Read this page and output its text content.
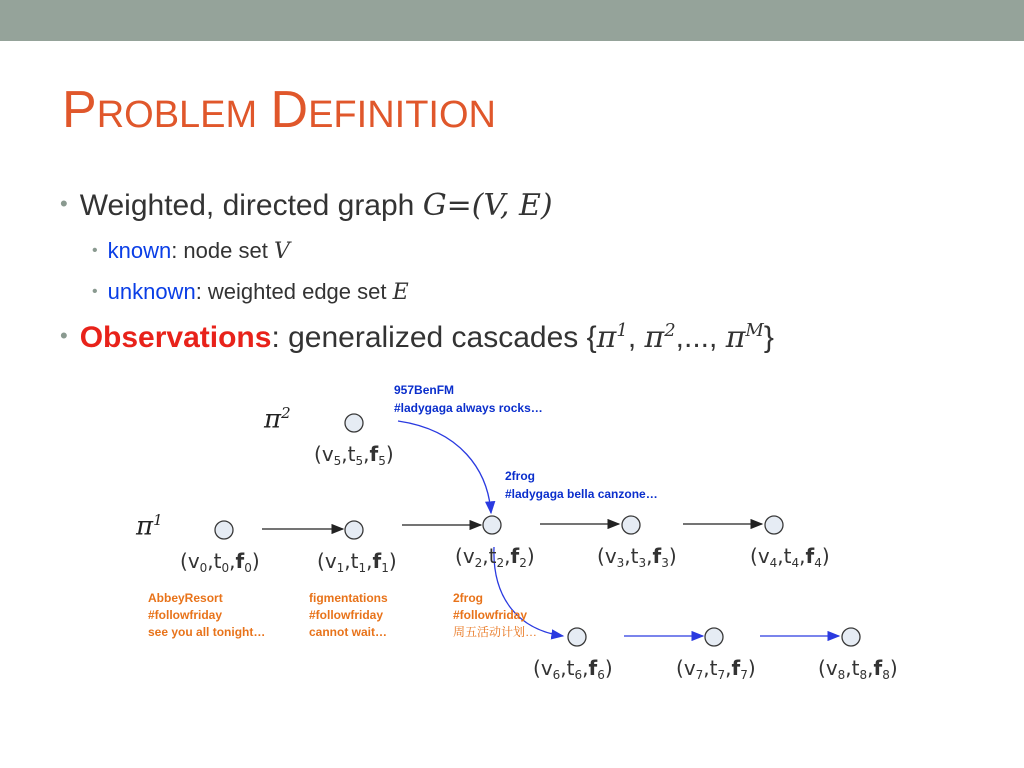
PROBLEM DEFINITION
• Weighted, directed graph G=(V, E)
• known: node set V
• unknown: weighted edge set E
• Observations: generalized cascades {$\pi^1$, $\pi^2$,..., $\pi^M$}
$\pi^2$
$\pi^1$
$(v_5,t_5,f_5)$
$(v_0,t_0,f_0)$	$(v_1,t_1,f_1)$	$(v_2,t_2,f_2)$	$(v_3,t_3,f_3)$	$(v_4,t_4,f_4)$
$(v_6,t_6,f_6)$	$(v_7,t_7,f_7)$	$(v_8,t_8,f_8)$
957BenFM
#ladygaga always rocks…
2frog
#ladygaga bella canzone…
AbbeyResort
#followfriday
see you all tonight…
figmentations
#followfriday
cannot wait…
2frog
#followfriday
周五活动计划…
